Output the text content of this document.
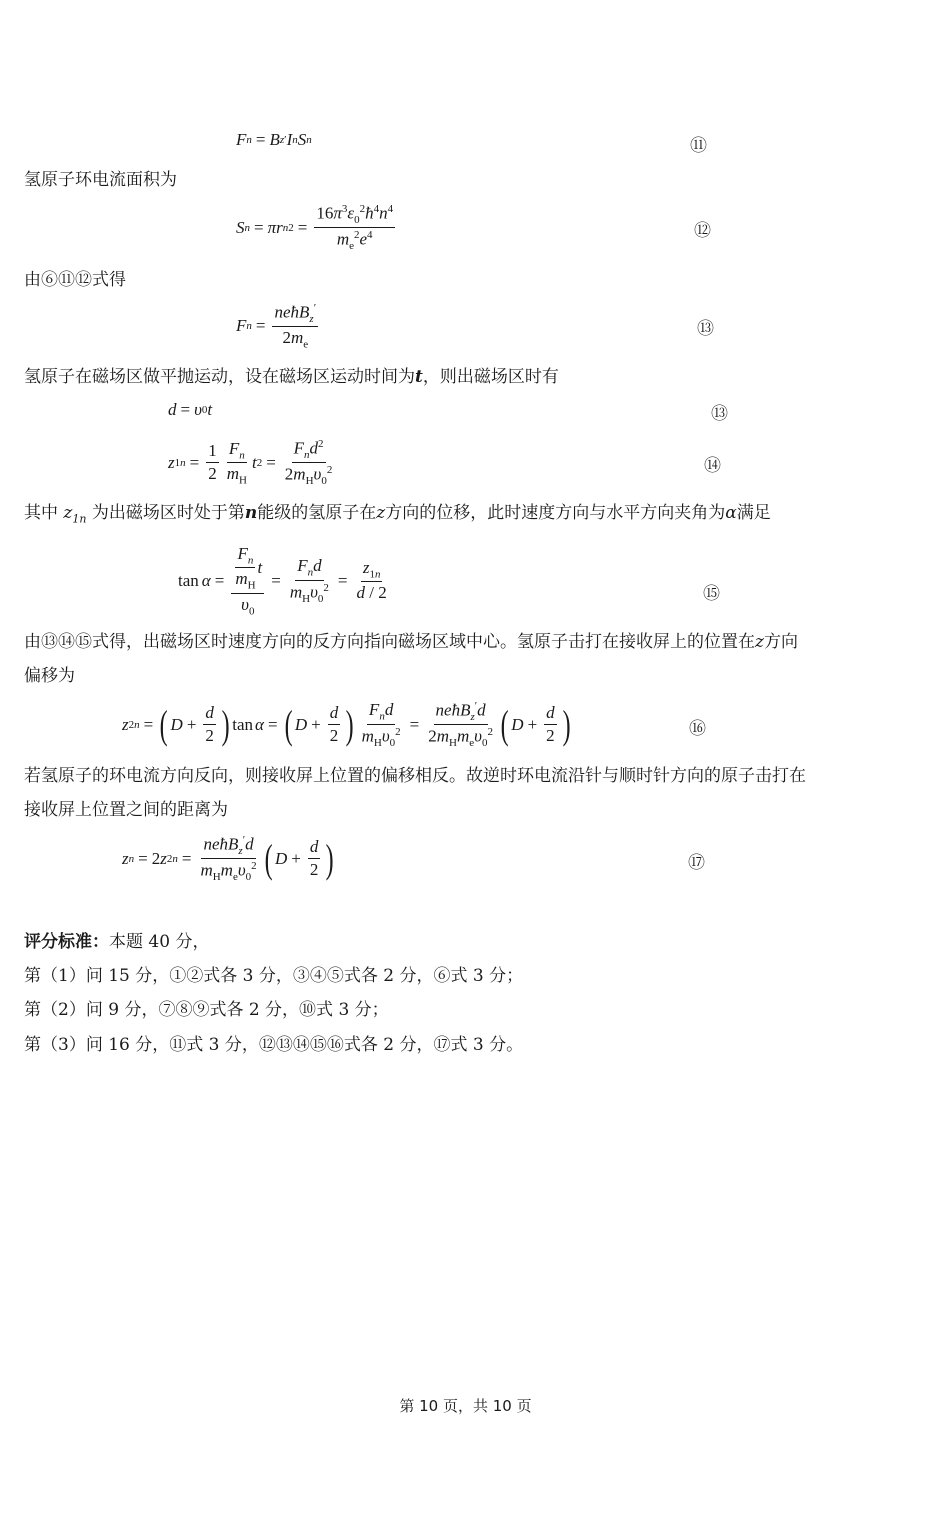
F n = B z ′ I n S n	⑪
氢原子环电流面积为
S n = πr n $2 = \frac{16\pi^3\varepsilon_0^2ħ^4n^4}{m_e^2e^4}$	⑫
由⑥⑪⑫式得
F $n = \frac{neħB_z'}{2m_e}$	⑬
氢原子在磁场区做平抛运动，设在磁场区运动时间为t，则出磁场区时有
d = υ 0 t	⑬
z $1n = \frac{1}{2} \frac{F_n}{m_H}$ t $2 = \frac{F_nd^2}{2m_H\upsilon_0^2}$	⑭
其中 $z_{1n}$ 为出磁场区时处于第n能级的氢原子在z方向的位移，此时速度方向与水平方向夹角为α满足
$\tan \alpha = \frac{\frac{F_n}{m_H} t}{\upsilon_0} = \frac{F_nd}{m_H\upsilon_0^2} = \frac{z_{1n}}{d / 2}$	⑮
由⑬⑭⑮式得，出磁场区时速度方向的反方向指向磁场区域中心。氢原子击打在接收屏上的位置在z方向
偏移为
z 2n = ( $D + \frac{d}{2}$ ) tan α = ( $D + \frac{d}{2}$ ) $\frac{F_nd}{m_H\upsilon_0^2} = \frac{neħB_z'd}{2m_Hm_e\upsilon_0^2}$ ( $D + \frac{d}{2}$ )	⑯
若氢原子的环电流方向反向，则接收屏上位置的偏移相反。故逆时环电流沿针与顺时针方向的原子击打在
接收屏上位置之间的距离为
z n = 2 z $2n = \frac{neħB_z'd}{m_Hm_e\upsilon_0^2}$ ( $D + \frac{d}{2}$ )	⑰
评分标准：本题 40 分，
第（1）问 15 分，①②式各 3 分，③④⑤式各 2 分，⑥式 3 分；
第（2）问 9 分，⑦⑧⑨式各 2 分，⑩式 3 分；
第（3）问 16 分，⑪式 3 分，⑫⑬⑭⑮⑯式各 2 分，⑰式 3 分。
第 10 页，共 10 页
